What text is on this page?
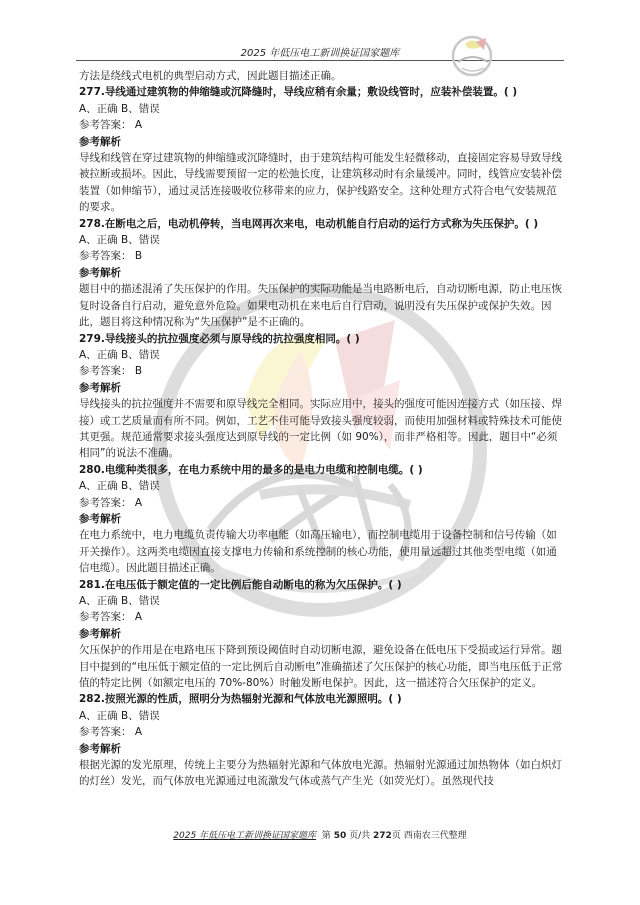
2025 年低压电工新训换证国家题库

方法是绕线式电机的典型启动方式，因此题目描述正确。

277.导线通过建筑物的伸缩缝或沉降缝时，导线应稍有余量；敷设线管时，应装补偿装置。( )

A、正确 B、错误

参考答案： A

参考解析

导线和线管在穿过建筑物的伸缩缝或沉降缝时，由于建筑结构可能发生轻微移动，直接固定容易导致导线被拉断或损坏。因此，导线需要预留一定的松弛长度，让建筑移动时有余量缓冲。同时，线管应安装补偿装置（如伸缩节），通过灵活连接吸收位移带来的应力，保护线路安全。这种处理方式符合电气安装规范的要求。

278.在断电之后，电动机停转，当电网再次来电，电动机能自行启动的运行方式称为失压保护。( )

A、正确 B、错误

参考答案： B

参考解析

题目中的描述混淆了失压保护的作用。失压保护的实际功能是当电路断电后，自动切断电源，防止电压恢复时设备自行启动，避免意外危险。如果电动机在来电后自行启动，说明没有失压保护或保护失效。因此，题目将这种情况称为“失压保护”是不正确的。

279.导线接头的抗拉强度必须与原导线的抗拉强度相同。( )

A、正确 B、错误

参考答案： B

参考解析

导线接头的抗拉强度并不需要和原导线完全相同。实际应用中，接头的强度可能因连接方式（如压接、焊接）或工艺质量而有所不同。例如，工艺不佳可能导致接头强度较弱，而使用加强材料或特殊技术可能使其更强。规范通常要求接头强度达到原导线的一定比例（如 90%），而非严格相等。因此，题目中“必须相同”的说法不准确。

280.电缆种类很多，在电力系统中用的最多的是电力电缆和控制电缆。( )

A、正确 B、错误

参考答案： A

参考解析

在电力系统中，电力电缆负责传输大功率电能（如高压输电），而控制电缆用于设备控制和信号传输（如开关操作）。这两类电缆因直接支撑电力传输和系统控制的核心功能，使用量远超过其他类型电缆（如通信电缆）。因此题目描述正确。

281.在电压低于额定值的一定比例后能自动断电的称为欠压保护。( )

A、正确 B、错误

参考答案： A

参考解析

欠压保护的作用是在电路电压下降到预设阈值时自动切断电源，避免设备在低电压下受损或运行异常。题目中提到的“电压低于额定值的一定比例后自动断电”准确描述了欠压保护的核心功能，即当电压低于正常值的特定比例（如额定电压的 70%-80%）时触发断电保护。因此，这一描述符合欠压保护的定义。

282.按照光源的性质，照明分为热辐射光源和气体放电光源照明。( )

A、正确 B、错误

参考答案： A

参考解析

根据光源的发光原理，传统上主要分为热辐射光源和气体放电光源。热辐射光源通过加热物体（如白炽灯的灯丝）发光，而气体放电光源通过电流激发气体或蒸气产生光（如荧光灯）。虽然现代技

2025 年低压电工新训换证国家题库 第 50 页/共 272页 西南农三代整理
